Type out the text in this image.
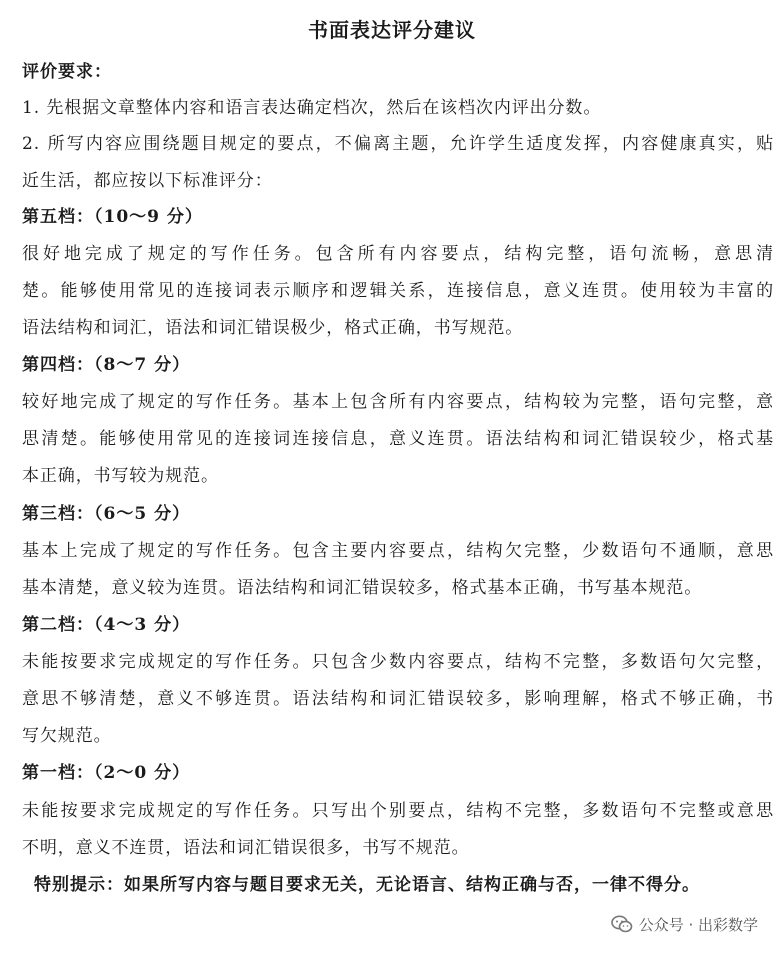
书面表达评分建议
评价要求：
1. 先根据文章整体内容和语言表达确定档次，然后在该档次内评出分数。
2. 所写内容应围绕题目规定的要点，不偏离主题，允许学生适度发挥，内容健康真实，贴
近生活，都应按以下标准评分：
第五档：（10～9 分）
很好地完成了规定的写作任务。包含所有内容要点，结构完整，语句流畅，意思清
楚。能够使用常见的连接词表示顺序和逻辑关系，连接信息，意义连贯。使用较为丰富的
语法结构和词汇，语法和词汇错误极少，格式正确，书写规范。
第四档：（8～7 分）
较好地完成了规定的写作任务。基本上包含所有内容要点，结构较为完整，语句完整，意
思清楚。能够使用常见的连接词连接信息，意义连贯。语法结构和词汇错误较少，格式基
本正确，书写较为规范。
第三档：（6～5 分）
基本上完成了规定的写作任务。包含主要内容要点，结构欠完整，少数语句不通顺，意思
基本清楚，意义较为连贯。语法结构和词汇错误较多，格式基本正确，书写基本规范。
第二档：（4～3 分）
未能按要求完成规定的写作任务。只包含少数内容要点，结构不完整，多数语句欠完整，
意思不够清楚，意义不够连贯。语法结构和词汇错误较多，影响理解，格式不够正确，书
写欠规范。
第一档：（2～0 分）
未能按要求完成规定的写作任务。只写出个别要点，结构不完整，多数语句不完整或意思
不明，意义不连贯，语法和词汇错误很多，书写不规范。
特别提示：如果所写内容与题目要求无关，无论语言、结构正确与否，一律不得分。
公众号 · 出彩数学
